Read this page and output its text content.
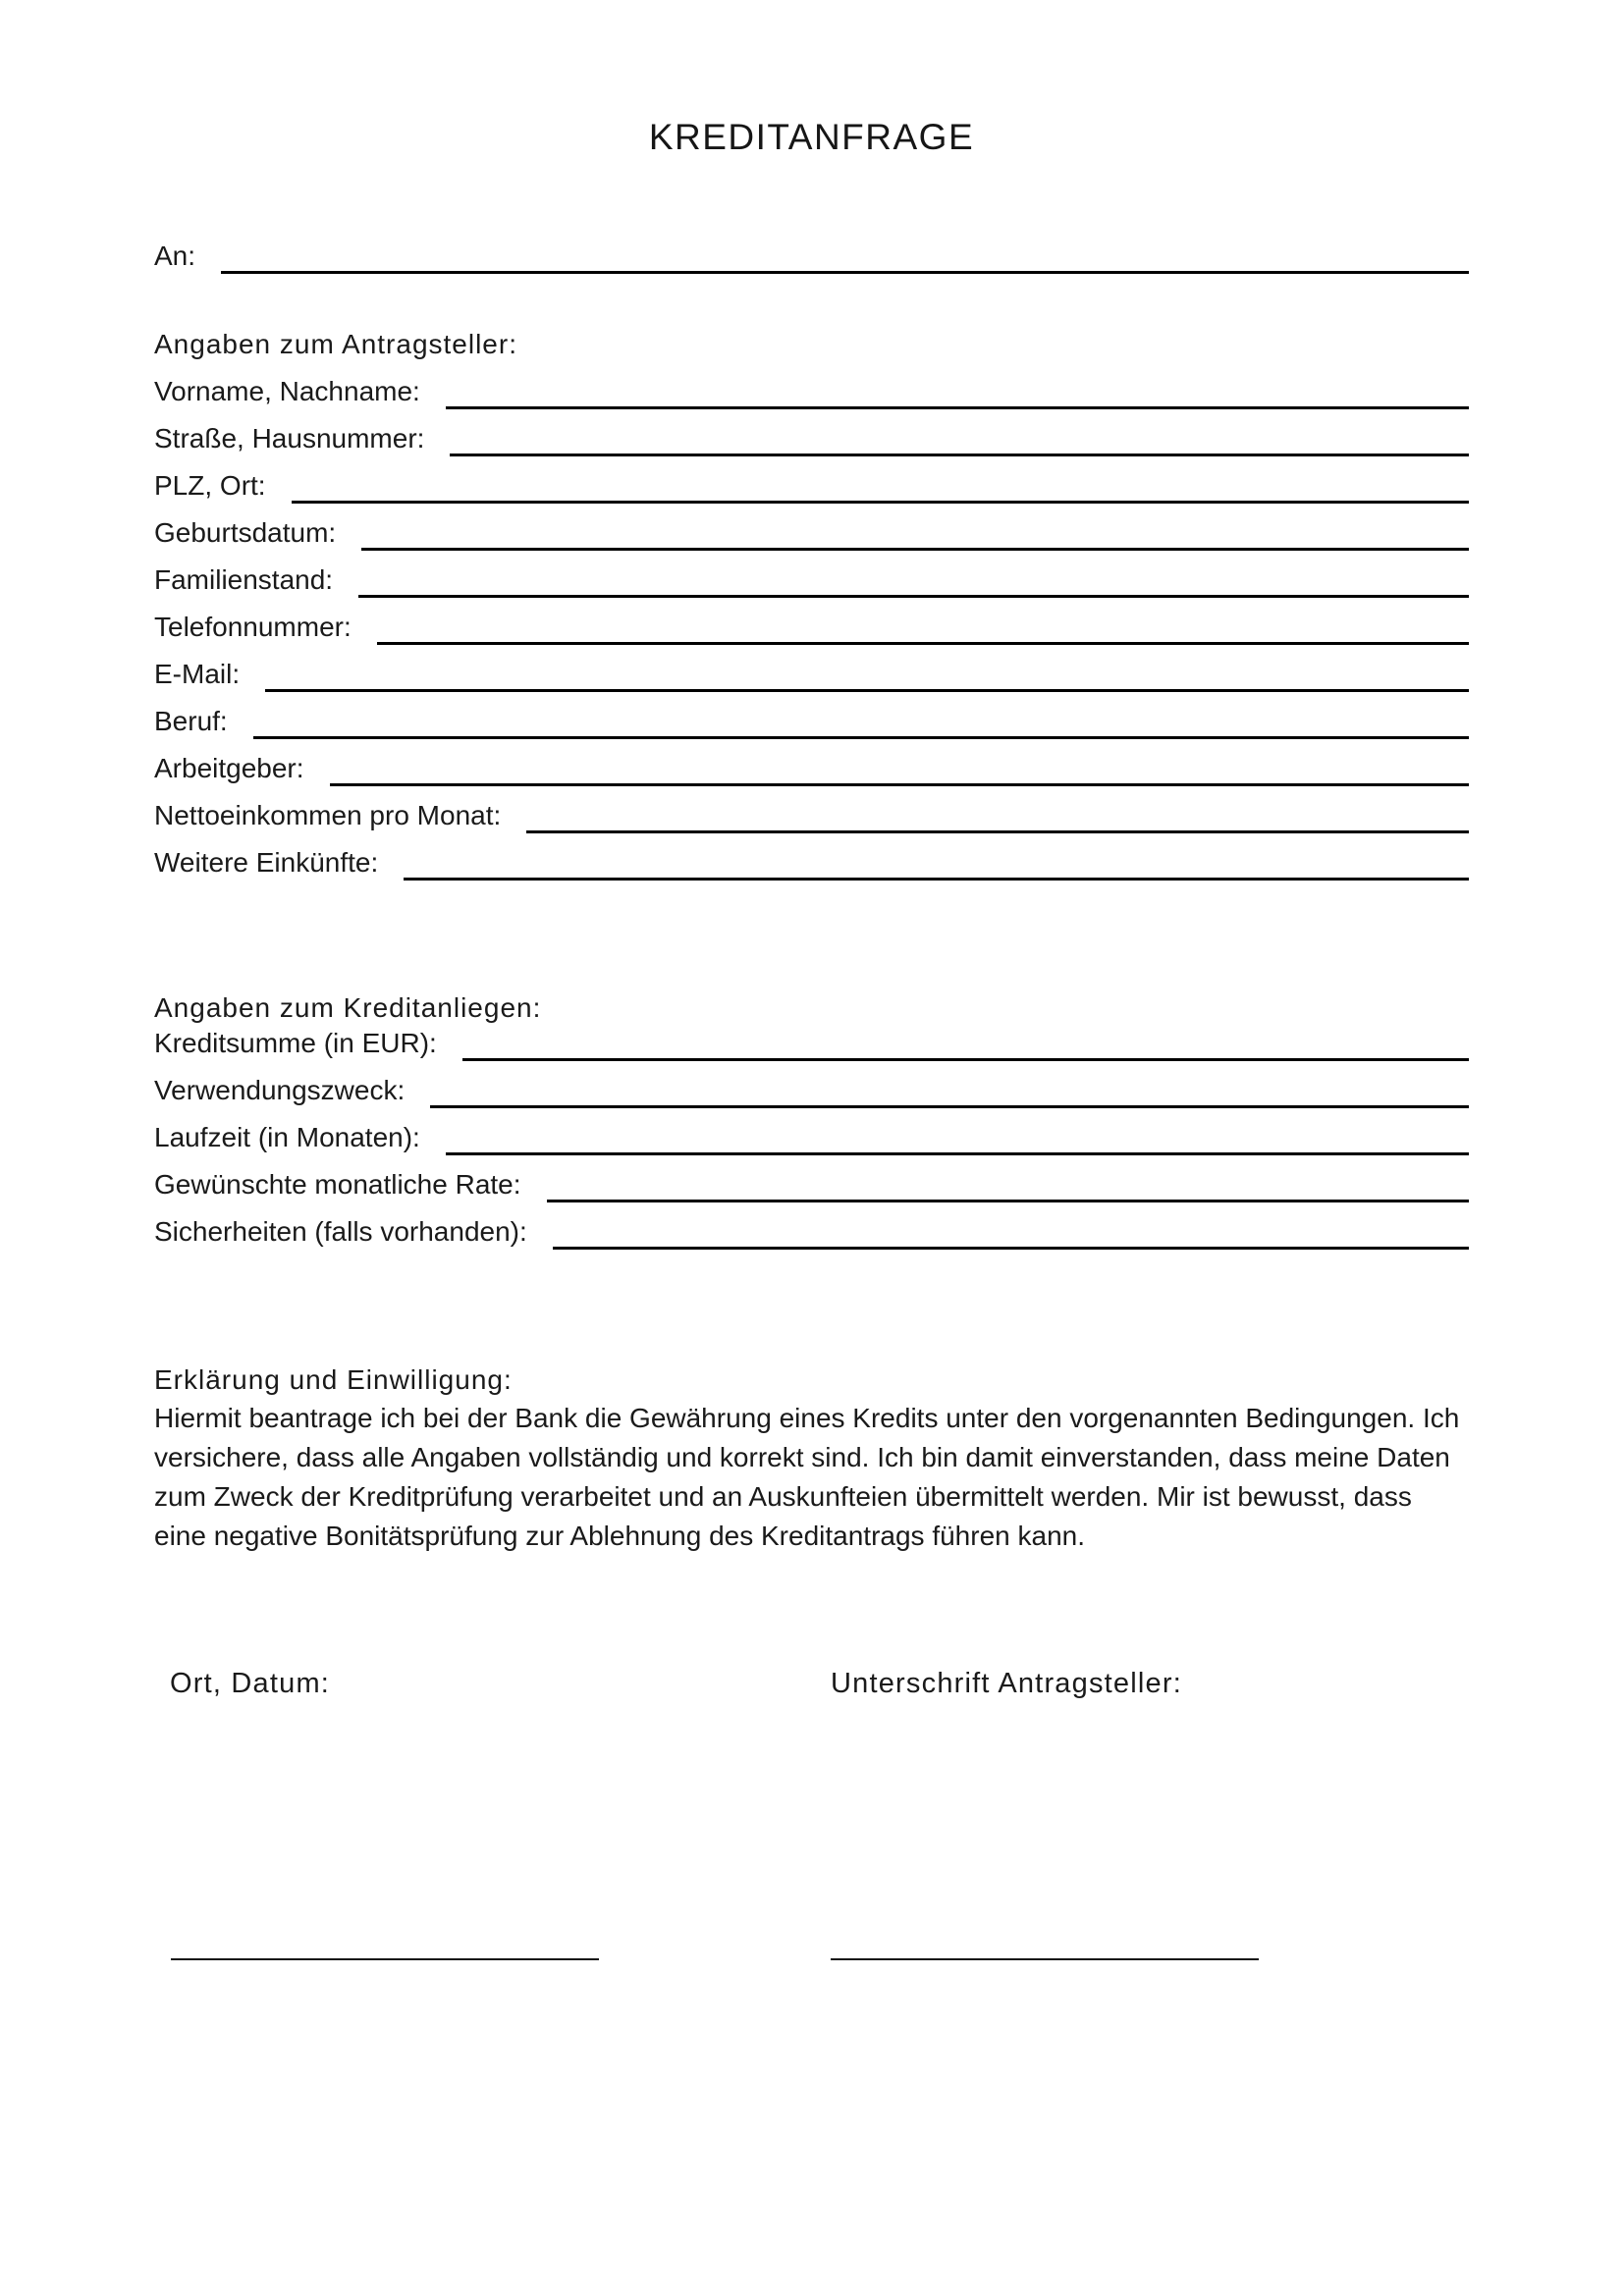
KREDITANFRAGE
An:
Angaben zum Antragsteller:
Vorname, Nachname:
Straße, Hausnummer:
PLZ, Ort:
Geburtsdatum:
Familienstand:
Telefonnummer:
E-Mail:
Beruf:
Arbeitgeber:
Nettoeinkommen pro Monat:
Weitere Einkünfte:
Angaben zum Kreditanliegen:
Kreditsumme (in EUR):
Verwendungszweck:
Laufzeit (in Monaten):
Gewünschte monatliche Rate:
Sicherheiten (falls vorhanden):
Erklärung und Einwilligung:
Hiermit beantrage ich bei der Bank die Gewährung eines Kredits unter den vorgenannten Bedingungen. Ich versichere, dass alle Angaben vollständig und korrekt sind. Ich bin damit einverstanden, dass meine Daten zum Zweck der Kreditprüfung verarbeitet und an Auskunfteien übermittelt werden. Mir ist bewusst, dass eine negative Bonitätsprüfung zur Ablehnung des Kreditantrags führen kann.
Ort, Datum:	Unterschrift Antragsteller:
